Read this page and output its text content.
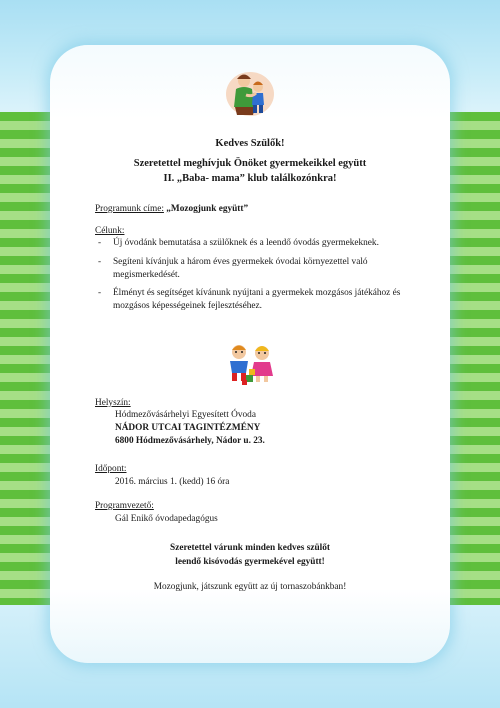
Kedves Szülők!
Szeretettel meghívjuk Önöket gyermekeikkel együtt
II. „Baba- mama” klub találkozónkra!
Programunk címe: „Mozogjunk együtt”
Célunk:
- Új óvodánk bemutatása a szülőknek és a leendő óvodás gyermekeknek.
- Segíteni kívánjuk a három éves gyermekek óvodai környezettel való megismerkedését.
- Élményt és segítséget kívánunk nyújtani a gyermekek mozgásos játékához és mozgásos képességeinek fejlesztéséhez.
Helyszín:
Hódmezővásárhelyi Egyesített Óvoda
NÁDOR UTCAI TAGINTÉZMÉNY
6800 Hódmezővásárhely, Nádor u. 23.
Időpont:
2016. március 1. (kedd) 16 óra
Programvezető:
Gál Enikő óvodapedagógus
Szeretettel várunk minden kedves szülőt
leendő kisóvodás gyermekével együtt!
Mozogjunk, játszunk együtt az új tornaszobánkban!
